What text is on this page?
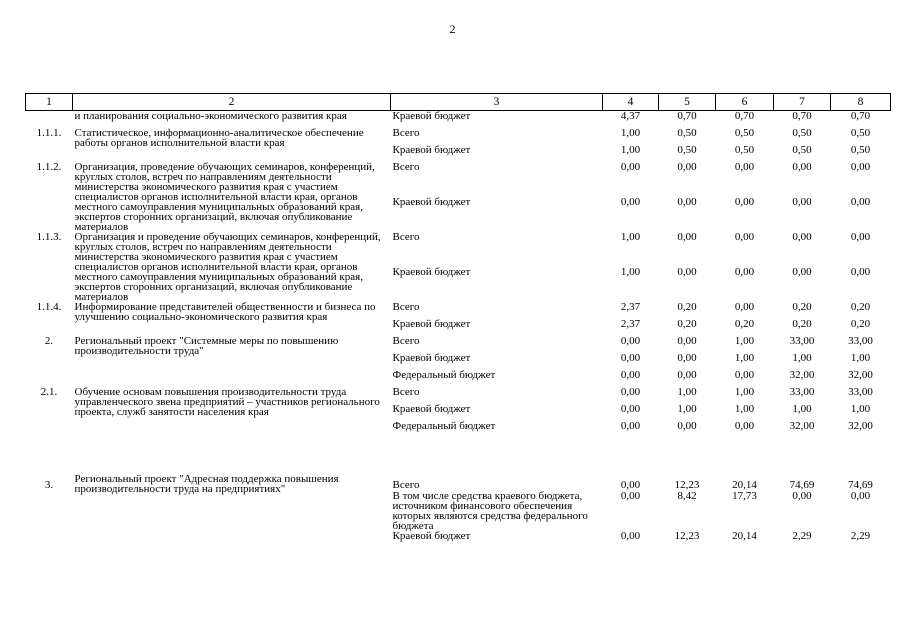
2
1	2	3	4	5	6	7	8
	и планирования социально-экономического развития края	Краевой бюджет	4,37	0,70	0,70	0,70	0,70
1.1.1.	Статистическое, информационно-аналитическое обеспечение работы органов исполнительной власти края	Всего	1,00	0,50	0,50	0,50	0,50
		Краевой бюджет	1,00	0,50	0,50	0,50	0,50
1.1.2.	Организация, проведение обучающих семинаров, конференций, круглых столов, встреч по направлениям деятельности министерства экономического развития края с участием специалистов органов исполнительной власти края, органов местного самоуправления муниципальных образований края, экспертов сторонних организаций, включая опубликование материалов	Всего	0,00	0,00	0,00	0,00	0,00
		Краевой бюджет	0,00	0,00	0,00	0,00	0,00
1.1.3.	Организация и проведение обучающих семинаров, конференций, круглых столов, встреч по направлениям деятельности министерства экономического развития края с участием специалистов органов исполнительной власти края, органов местного самоуправления муниципальных образований края, экспертов сторонних организаций, включая опубликование материалов	Всего	1,00	0,00	0,00	0,00	0,00
		Краевой бюджет	1,00	0,00	0,00	0,00	0,00
1.1.4.	Информирование представителей общественности и бизнеса по улучшению социально-экономического развития края	Всего	2,37	0,20	0,00	0,20	0,20
		Краевой бюджет	2,37	0,20	0,20	0,20	0,20
2.	Региональный проект "Системные меры по повышению производительности труда"	Всего	0,00	0,00	1,00	33,00	33,00
		Краевой бюджет	0,00	0,00	1,00	1,00	1,00
		Федеральный бюджет	0,00	0,00	0,00	32,00	32,00
2.1.	Обучение основам повышения производительности труда управленческого звена предприятий – участников регионального проекта, служб занятости населения края	Всего	0,00	1,00	1,00	33,00	33,00
		Краевой бюджет	0,00	1,00	1,00	1,00	1,00
		Федеральный бюджет	0,00	0,00	0,00	32,00	32,00
3.	Региональный проект "Адресная поддержка повышения производительности труда на предприятиях"	Всего	0,00	12,23	20,14	74,69	74,69
		В том числе средства краевого бюджета, источником финансового обеспечения которых являются средства федерального бюджета	0,00	8,42	17,73	0,00	0,00
		Краевой бюджет	0,00	12,23	20,14	2,29	2,29
